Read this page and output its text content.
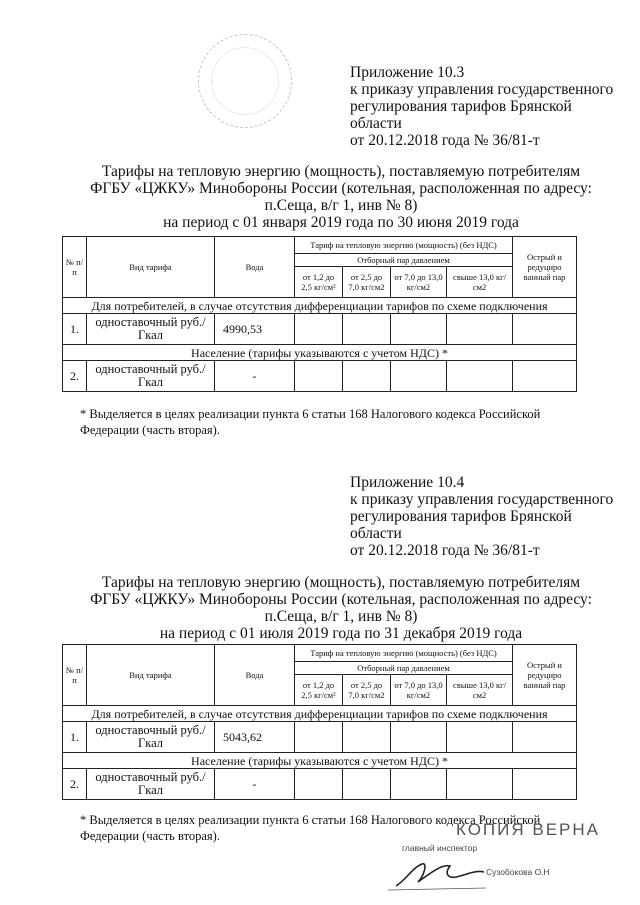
Приложение 10.3
к приказу управления государственного
регулирования тарифов Брянской
области
от 20.12.2018 года № 36/81-т
Тарифы на тепловую энергию (мощность), поставляемую потребителям
ФГБУ «ЦЖКУ» Минобороны России (котельная, расположенная по адресу:
п.Сеща, в/г 1, инв № 8)
на период с 01 января 2019 года по 30 июня 2019 года
№ п/ п	Вид тарифа	Вода	Тариф на тепловую энергию (мощность) (без НДС)				Острый и редуциро ванный пар
			Отборный пар давлением				
			от 1,2 до 2,5 кг/см²	от 2,5 до 7,0 кг/см2	от 7,0 до 13,0 кг/см2	свыше 13,0 кг/см2	
Для потребителей, в случае отсутствия дифференциации тарифов по схеме подключения							
1.	одноставочный руб./Гкал	4990,53					
Население (тарифы указываются с учетом НДС) *							
2.	одноставочный руб./Гкал	-					
* Выделяется в целях реализации пункта 6 статьи 168 Налогового кодекса Российской
Федерации (часть вторая).
Приложение 10.4
к приказу управления государственного
регулирования тарифов Брянской
области
от 20.12.2018 года № 36/81-т
Тарифы на тепловую энергию (мощность), поставляемую потребителям
ФГБУ «ЦЖКУ» Минобороны России (котельная, расположенная по адресу:
п.Сеща, в/г 1, инв № 8)
на период с 01 июля 2019 года по 31 декабря 2019 года
№ п/ п	Вид тарифа	Вода	Тариф на тепловую энергию (мощность) (без НДС)				Острый и редуциро ванный пар
			Отборный пар давлением				
			от 1,2 до 2,5 кг/см²	от 2,5 до 7,0 кг/см2	от 7,0 до 13,0 кг/см2	свыше 13,0 кг/см2	
Для потребителей, в случае отсутствия дифференциации тарифов по схеме подключения							
1.	одноставочный руб./Гкал	5043,62					
Население (тарифы указываются с учетом НДС) *							
2.	одноставочный руб./Гкал	-					
* Выделяется в целях реализации пункта 6 статьи 168 Налогового кодекса Российской
Федерации (часть вторая).	КОПИЯ ВЕРНА
главный инспектор
Сузобокова О.Н
